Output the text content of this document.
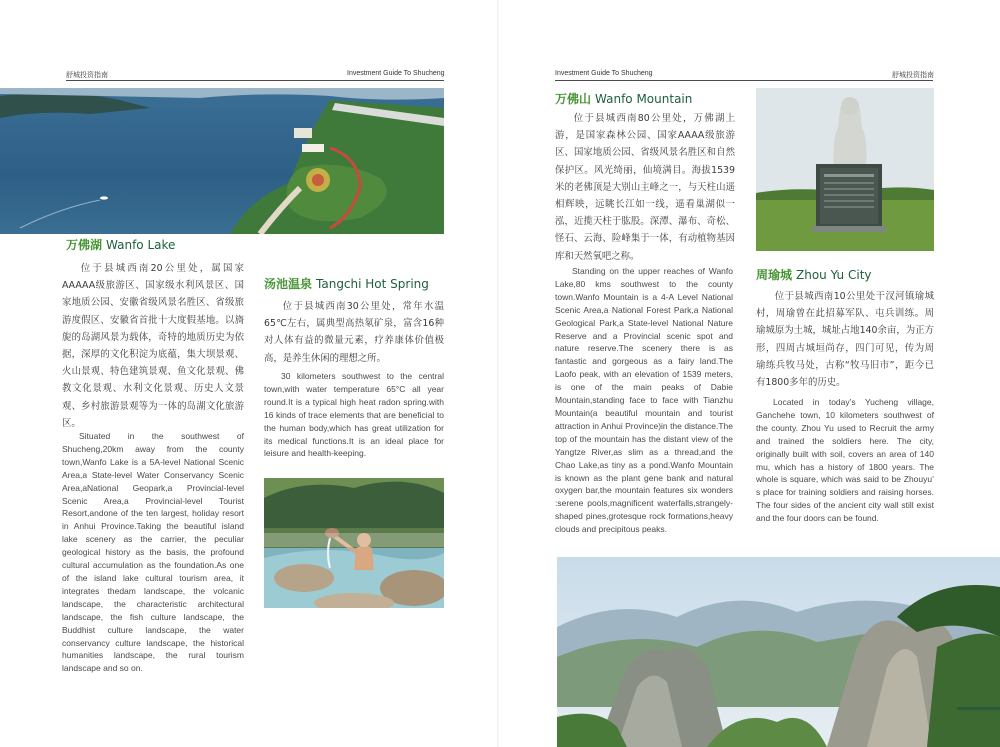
舒城投资指南	Investment Guide To Shucheng
万佛湖 Wanfo Lake
位于县城西南20公里处，属国家AAAAA级旅游区、国家级水利风景区、国家地质公园、安徽省级风景名胜区、省级旅游度假区、安徽省首批十大度假基地。以旖旎的岛湖风景为载体，奇特的地质历史为依据，深厚的文化积淀为底蕴，集大坝景观、火山景观、特色建筑景观、鱼文化景观、佛教文化景观、水利文化景观、历史人文景观、乡村旅游景观等为一体的岛湖文化旅游区。
Situated in the southwest of Shucheng,20km away from the county town,Wanfo Lake is a 5A-level National Scenic Area,a State-level Water Conservancy Scenic Area,aNational Geopark,a Provincial-level Scenic Area,a Provincial-level Tourist Resort,andone of the ten largest, holiday resort in Anhui Province.Taking the beautiful island lake scenery as the carrier, the peculiar geological history as the basis, the profound cultural accumulation as the foundation.As one of the island lake cultural tourism area, it integrates thedam landscape, the volcanic landscape, the characteristic architectural landscape, the fish culture landscape, the Buddhist culture landscape, the water conservancy culture landscape, the historical humanities landscape, the rural tourism landscape and so on.
汤池温泉 Tangchi Hot Spring
位于县城西南30公里处，常年水温65℃左右，属典型高热氡矿泉，富含16种对人体有益的微量元素，疗养康体价值极高，是养生休闲的理想之所。
30 kilometers southwest to the central town,with water temperature 65°C all year round.It is a typical high heat radon spring.with 16 kinds of trace elements that are beneficial to the human body,which has great utilization for its medical functions.It is an ideal place for leisure and health-keeping.
Investment Guide To Shucheng	舒城投资指南
万佛山 Wanfo Mountain
位于县城西南80公里处，万佛湖上游，是国家森林公园、国家AAAA级旅游区、国家地质公园、省级风景名胜区和自然保护区。风光绮丽，仙境满目。海拔1539米的老佛顶是大别山主峰之一，与天柱山遥相辉映，远眺长江如一线，遥看巢湖似一泓，近揽天柱于肱股。深潭、瀑布、奇松、怪石、云海、险峰集于一体，有动植物基因库和天然氧吧之称。
Standing on the upper reaches of Wanfo Lake,80 kms southwest to the county town.Wanfo Mountain is a 4-A Level National Scenic Area,a National Forest Park,a National Geological Park,a State-level National Nature Reserve and a Provincial scenic spot and nature reserve.The scenery there is as fantastic and gorgeous as a fairy land.The Laofo peak, with an elevation of 1539 meters, is one of the main peaks of Dabie Mountain,standing face to face with Tianzhu Mountain(a beautiful mountain and tourist attraction in Anhui Province)in the distance.The top of the mountain has the distant view of the Yangtze River,as slim as a thread,and the Chao Lake,as tiny as a pond.Wanfo Mountain is known as the plant gene bank and natural oxygen bar,the mountain features six wonders :serene pools,magnificent waterfalls,strangely-shaped pines,grotesque rock formations,heavy clouds and precipitous peaks.
周瑜城 Zhou Yu City
位于县城西南10公里处干汊河镇瑜城村，周瑜曾在此招募军队、屯兵训练。周瑜城原为土城，城址占地140余亩，为正方形，四周古城垣尚存，四门可见，传为周瑜练兵牧马处，古称“牧马旧市”，距今已有1800多年的历史。
Located in today’s Yucheng village, Ganchehe town, 10 kilometers southwest of the county. Zhou Yu used to Recruit the army and trained the soldiers here. The city, originally built with soil, covers an area of 140 mu, which has a history of 1800 years. The whole is square, which was said to be Zhouyu’ s place for training soldiers and raising horses. The four sides of the ancient city wall still exist and the four doors can be found.
